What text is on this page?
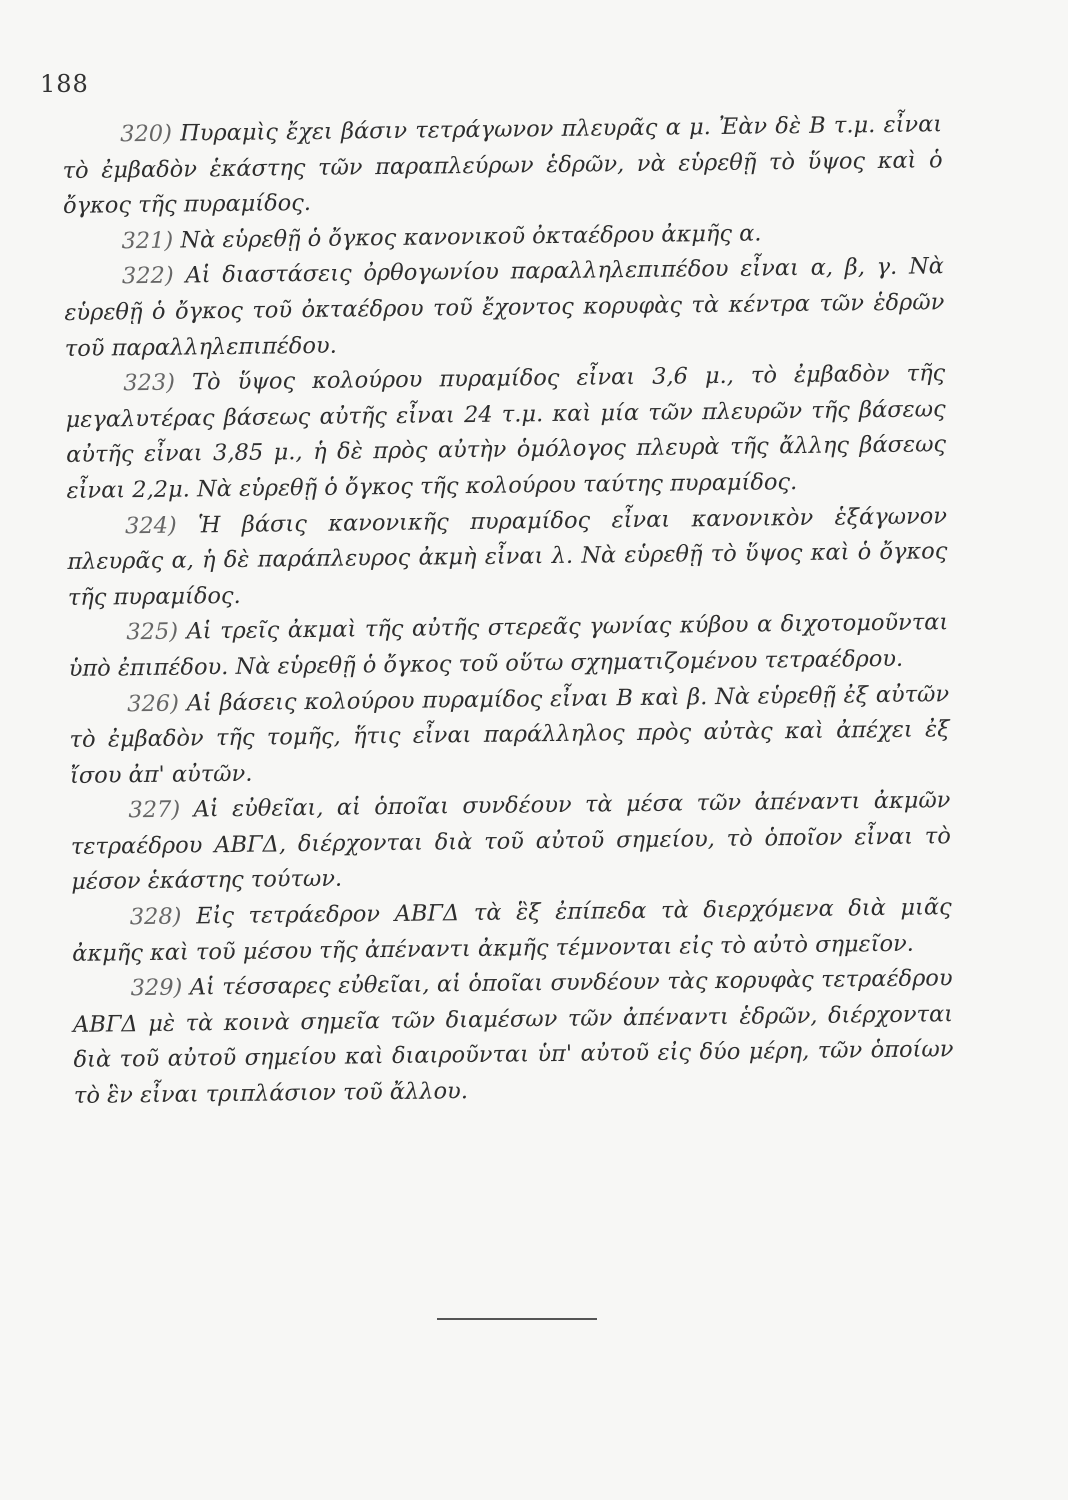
188

320) Πυραμὶς ἔχει βάσιν τετράγωνον πλευρᾶς α μ. Ἐὰν δὲ Β τ.μ. εἶναι τὸ ἐμβαδὸν ἑκάστης τῶν παραπλεύρων ἑδρῶν, νὰ εὑρεθῇ τὸ ὕψος καὶ ὁ ὄγκος τῆς πυραμίδος.

321) Νὰ εὑρεθῇ ὁ ὄγκος κανονικοῦ ὀκταέδρου ἀκμῆς α.

322) Αἱ διαστάσεις ὀρθογωνίου παραλληλεπιπέδου εἶναι α, β, γ. Νὰ εὑρεθῇ ὁ ὄγκος τοῦ ὀκταέδρου τοῦ ἔχοντος κορυφὰς τὰ κέντρα τῶν ἑδρῶν τοῦ παραλληλεπιπέδου.

323) Τὸ ὕψος κολούρου πυραμίδος εἶναι 3,6 μ., τὸ ἐμβαδὸν τῆς μεγαλυτέρας βάσεως αὐτῆς εἶναι 24 τ.μ. καὶ μία τῶν πλευρῶν τῆς βάσεως αὐτῆς εἶναι 3,85 μ., ἡ δὲ πρὸς αὐτὴν ὁμόλογος πλευρὰ τῆς ἄλλης βάσεως εἶναι 2,2μ. Νὰ εὑρεθῇ ὁ ὄγκος τῆς κολούρου ταύτης πυραμίδος.

324) Ἡ βάσις κανονικῆς πυραμίδος εἶναι κανονικὸν ἑξάγωνον πλευρᾶς α, ἡ δὲ παράπλευρος ἀκμὴ εἶναι λ. Νὰ εὑρεθῇ τὸ ὕψος καὶ ὁ ὄγκος τῆς πυραμίδος.

325) Αἱ τρεῖς ἀκμαὶ τῆς αὐτῆς στερεᾶς γωνίας κύβου α διχοτομοῦνται ὑπὸ ἐπιπέδου. Νὰ εὑρεθῇ ὁ ὄγκος τοῦ οὕτω σχηματιζομένου τετραέδρου.

326) Αἱ βάσεις κολούρου πυραμίδος εἶναι Β καὶ β. Νὰ εὑρεθῇ ἐξ αὐτῶν τὸ ἐμβαδὸν τῆς τομῆς, ἥτις εἶναι παράλληλος πρὸς αὐτὰς καὶ ἀπέχει ἐξ ἴσου ἀπ' αὐτῶν.

327) Αἱ εὐθεῖαι, αἱ ὁποῖαι συνδέουν τὰ μέσα τῶν ἀπέναντι ἀκμῶν τετραέδρου ΑΒΓΔ, διέρχονται διὰ τοῦ αὐτοῦ σημείου, τὸ ὁποῖον εἶναι τὸ μέσον ἑκάστης τούτων.

328) Εἰς τετράεδρον ΑΒΓΔ τὰ ἓξ ἐπίπεδα τὰ διερχόμενα διὰ μιᾶς ἀκμῆς καὶ τοῦ μέσου τῆς ἀπέναντι ἀκμῆς τέμνονται εἰς τὸ αὐτὸ σημεῖον.

329) Αἱ τέσσαρες εὐθεῖαι, αἱ ὁποῖαι συνδέουν τὰς κορυφὰς τετραέδρου ΑΒΓΔ μὲ τὰ κοινὰ σημεῖα τῶν διαμέσων τῶν ἀπέναντι ἑδρῶν, διέρχονται διὰ τοῦ αὐτοῦ σημείου καὶ διαιροῦνται ὑπ' αὐτοῦ εἰς δύο μέρη, τῶν ὁποίων τὸ ἓν εἶναι τριπλάσιον τοῦ ἄλλου.
